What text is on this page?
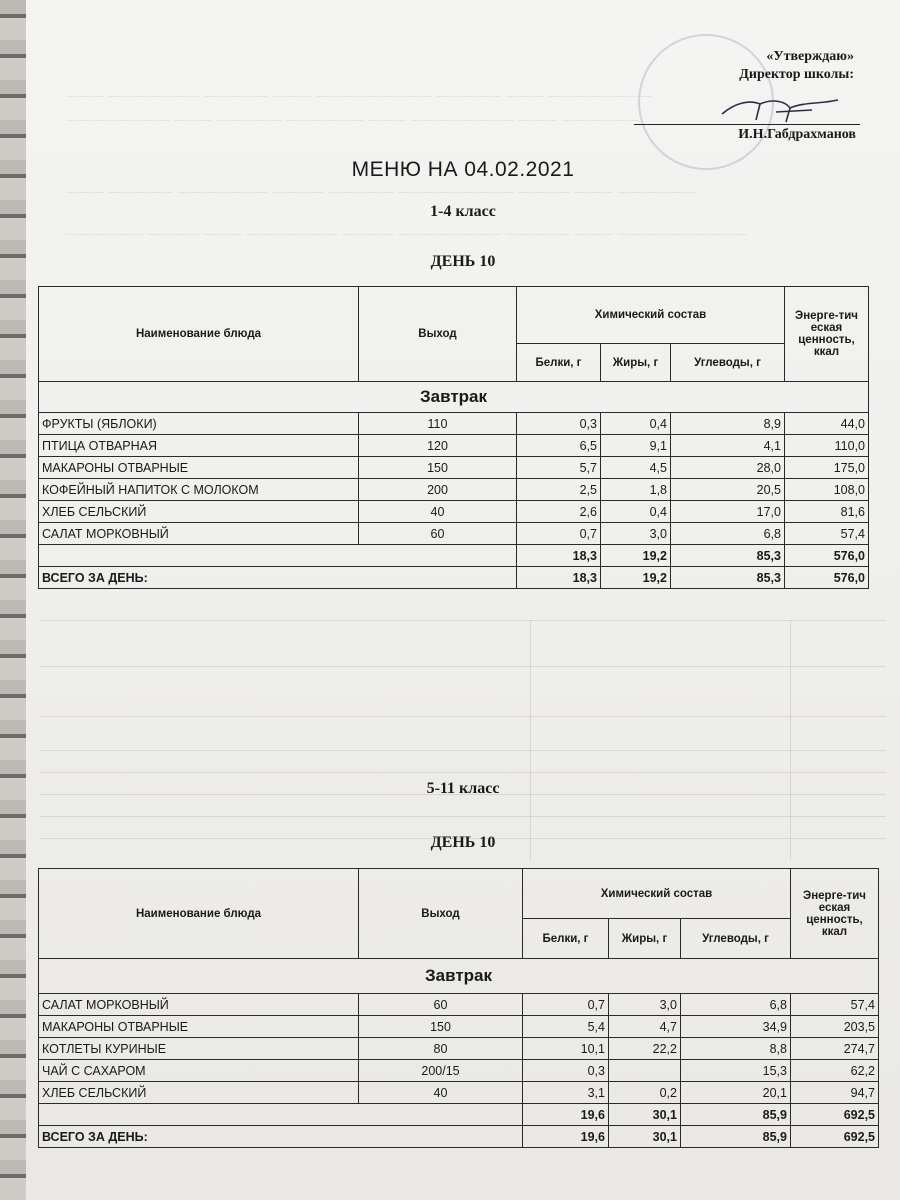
——— ——————— ————— ——— ————————— ————— ——— ————————
———————— ——— ————— —————— ——— ———————— ——— ——————
——— ————— ——————— ———— ————— ————————— ———— ——— ——————
—————— ———— ——— ——————— ———— ———————— ————— ——— ——————————
«Утверждаю»
Директор школы:
И.Н.Габдрахманов
МЕНЮ НА 04.02.2021
1-4 класс
ДЕНЬ 10
Наименование блюда	Выход	Химический состав			Энерге-тич еская ценность, ккал
		Белки, г	Жиры, г	Углеводы, г	
Завтрак					
ФРУКТЫ (ЯБЛОКИ)	110	0,3	0,4	8,9	44,0
ПТИЦА ОТВАРНАЯ	120	6,5	9,1	4,1	110,0
МАКАРОНЫ ОТВАРНЫЕ	150	5,7	4,5	28,0	175,0
КОФЕЙНЫЙ НАПИТОК С МОЛОКОМ	200	2,5	1,8	20,5	108,0
ХЛЕБ СЕЛЬСКИЙ	40	2,6	0,4	17,0	81,6
САЛАТ МОРКОВНЫЙ	60	0,7	3,0	6,8	57,4
		18,3	19,2	85,3	576,0
ВСЕГО ЗА ДЕНЬ:		18,3	19,2	85,3	576,0
5-11 класс
ДЕНЬ 10
Наименование блюда	Выход	Химический состав			Энерге-тич еская ценность, ккал
		Белки, г	Жиры, г	Углеводы, г	
Завтрак					
САЛАТ МОРКОВНЫЙ	60	0,7	3,0	6,8	57,4
МАКАРОНЫ ОТВАРНЫЕ	150	5,4	4,7	34,9	203,5
КОТЛЕТЫ КУРИНЫЕ	80	10,1	22,2	8,8	274,7
ЧАЙ С САХАРОМ	200/15	0,3		15,3	62,2
ХЛЕБ СЕЛЬСКИЙ	40	3,1	0,2	20,1	94,7
		19,6	30,1	85,9	692,5
ВСЕГО ЗА ДЕНЬ:		19,6	30,1	85,9	692,5
